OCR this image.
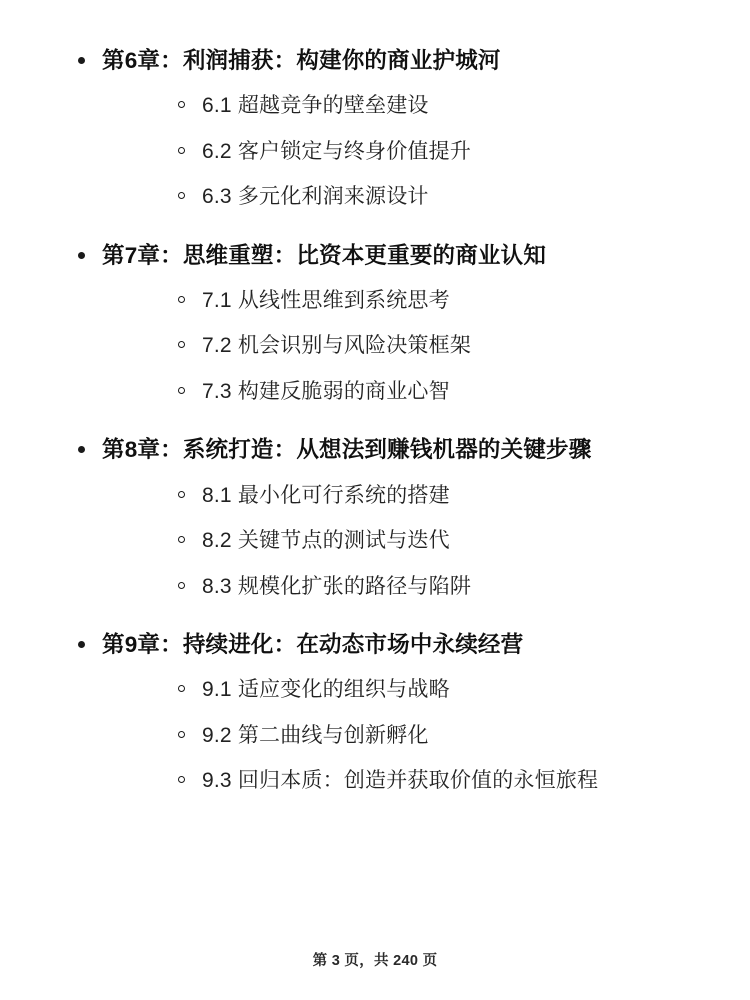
第6章：利润捕获：构建你的商业护城河
6.1 超越竞争的壁垒建设
6.2 客户锁定与终身价值提升
6.3 多元化利润来源设计
第7章：思维重塑：比资本更重要的商业认知
7.1 从线性思维到系统思考
7.2 机会识别与风险决策框架
7.3 构建反脆弱的商业心智
第8章：系统打造：从想法到赚钱机器的关键步骤
8.1 最小化可行系统的搭建
8.2 关键节点的测试与迭代
8.3 规模化扩张的路径与陷阱
第9章：持续进化：在动态市场中永续经营
9.1 适应变化的组织与战略
9.2 第二曲线与创新孵化
9.3 回归本质：创造并获取价值的永恒旅程
第 3 页，共 240 页
